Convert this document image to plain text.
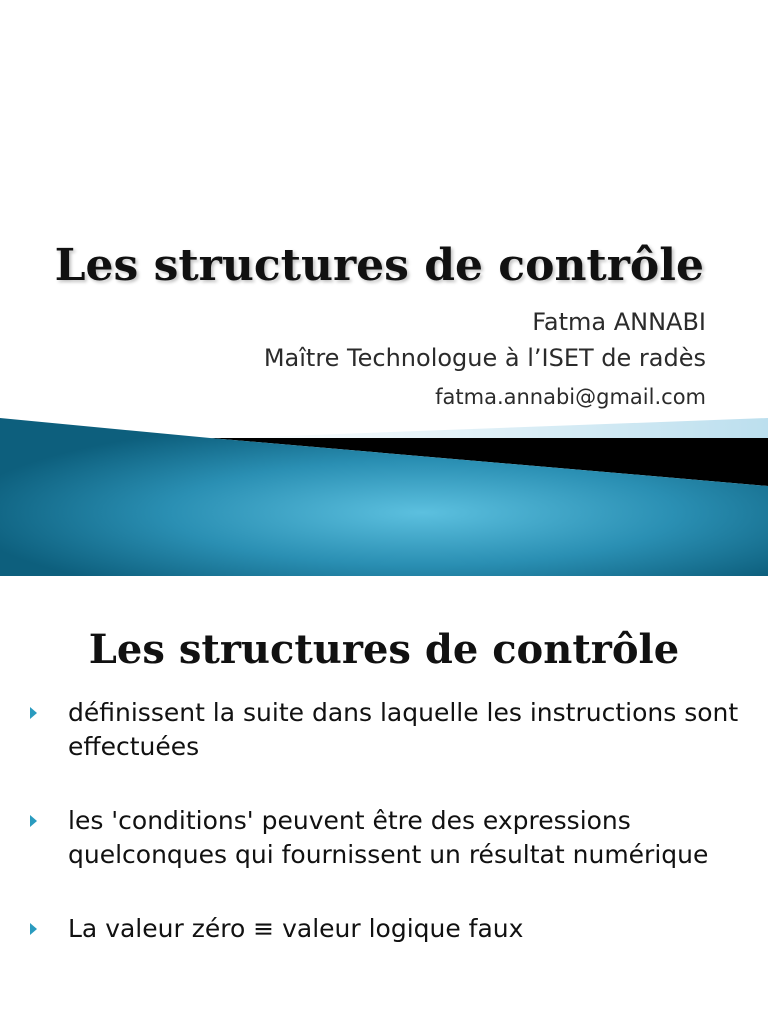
Les structures de contrôle

Fatma ANNABI

Maître Technologue à l’ISET de radès

fatma.annabi@gmail.com

Les structures de contrôle
définissent la suite dans laquelle les instructions sont effectuées
les 'conditions' peuvent être des expressions quelconques qui fournissent un résultat numérique
La valeur zéro ≡ valeur logique faux
